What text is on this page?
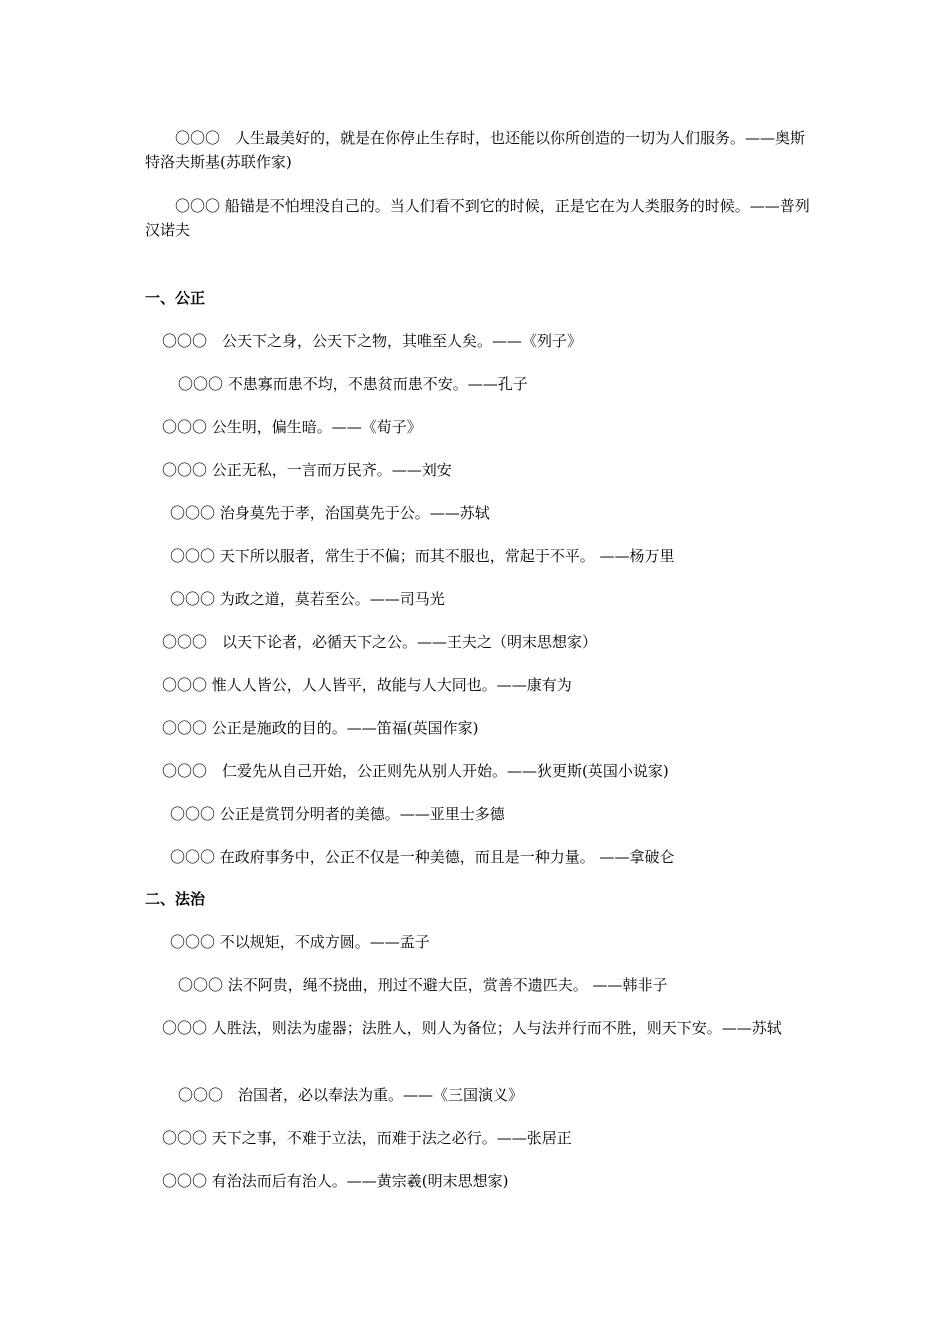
　　〇〇〇　人生最美好的，就是在你停止生存时，也还能以你所创造的一切为人们服务。——奥斯特洛夫斯基(苏联作家)

　　〇〇〇 船锚是不怕埋没自己的。当人们看不到它的时候，正是它在为人类服务的时候。——普列汉诺夫

一、公正

〇〇〇　公天下之身，公天下之物，其唯至人矣。——《列子》

〇〇〇 不患寡而患不均，不患贫而患不安。——孔子

〇〇〇 公生明，偏生暗。——《荀子》

〇〇〇 公正无私，一言而万民齐。——刘安

〇〇〇 治身莫先于孝，治国莫先于公。——苏轼

〇〇〇 天下所以服者，常生于不偏；而其不服也，常起于不平。 ——杨万里

〇〇〇 为政之道，莫若至公。——司马光

〇〇〇　以天下论者，必循天下之公。——王夫之（明末思想家）

〇〇〇 惟人人皆公，人人皆平，故能与人大同也。——康有为

〇〇〇 公正是施政的目的。——笛福(英国作家)

〇〇〇　仁爱先从自己开始，公正则先从别人开始。——狄更斯(英国小说家)

〇〇〇 公正是赏罚分明者的美德。——亚里士多德

〇〇〇 在政府事务中，公正不仅是一种美德，而且是一种力量。 ——拿破仑

二、法治

〇〇〇 不以规矩，不成方圆。——孟子

〇〇〇 法不阿贵，绳不挠曲，刑过不避大臣，赏善不遗匹夫。 ——韩非子

〇〇〇 人胜法，则法为虚器；法胜人，则人为备位；人与法并行而不胜，则天下安。——苏轼

〇〇〇　治国者，必以奉法为重。——《三国演义》

〇〇〇 天下之事，不难于立法，而难于法之必行。——张居正

〇〇〇 有治法而后有治人。——黄宗羲(明末思想家)
